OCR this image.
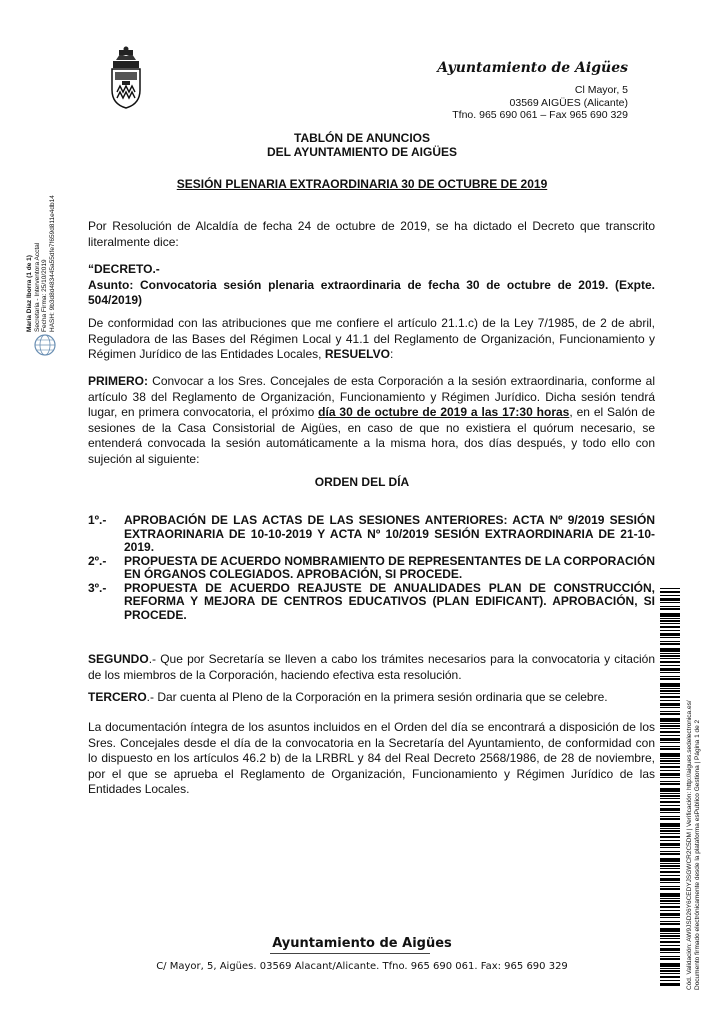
Ayuntamiento de Aigües
Cl Mayor, 5
03569 AIGÜES (Alicante)
Tfno. 965 690 061 – Fax 965 690 329
María Díaz Iborra (1 de 1) Secretaria - Interventora Acctal Fecha Firma: 25/10/2019 HASH: 9b3d8d483445a55dfe7f659d811e4db14
TABLÓN DE ANUNCIOS
DEL AYUNTAMIENTO DE AIGÜES
SESIÓN PLENARIA EXTRAORDINARIA 30 DE OCTUBRE DE 2019

Por Resolución de Alcaldía de fecha 24 de octubre de 2019, se ha dictado el Decreto que transcrito literalmente dice:

“DECRETO.-

Asunto: Convocatoria sesión plenaria extraordinaria de fecha 30 de octubre de 2019. (Expte. 504/2019)

De conformidad con las atribuciones que me confiere el artículo 21.1.c) de la Ley 7/1985, de 2 de abril, Reguladora de las Bases del Régimen Local y 41.1 del Reglamento de Organización, Funcionamiento y Régimen Jurídico de las Entidades Locales, RESUELVO:

PRIMERO: Convocar a los Sres. Concejales de esta Corporación a la sesión extraordinaria, conforme al artículo 38 del Reglamento de Organización, Funcionamiento y Régimen Jurídico. Dicha sesión tendrá lugar, en primera convocatoria, el próximo día 30 de octubre de 2019 a las 17:30 horas, en el Salón de sesiones de la Casa Consistorial de Aigües, en caso de que no existiera el quórum necesario, se entenderá convocada la sesión automáticamente a la misma hora, dos días después, y todo ello con sujeción al siguiente:

ORDEN DEL DÍA
1º.-	APROBACIÓN DE LAS ACTAS DE LAS SESIONES ANTERIORES: ACTA Nº 9/2019 SESIÓN EXTRAORINARIA DE 10-10-2019 Y ACTA Nº 10/2019 SESIÓN EXTRAORDINARIA DE 21-10-2019.
2º.-	PROPUESTA DE ACUERDO NOMBRAMIENTO DE REPRESENTANTES DE LA CORPORACIÓN EN ÓRGANOS COLEGIADOS. APROBACIÓN, SI PROCEDE.
3º.-	PROPUESTA DE ACUERDO REAJUSTE DE ANUALIDADES PLAN DE CONSTRUCCIÓN, REFORMA Y MEJORA DE CENTROS EDUCATIVOS (PLAN EDIFICANT). APROBACIÓN, SI PROCEDE.

SEGUNDO.- Que por Secretaría se lleven a cabo los trámites necesarios para la convocatoria y citación de los miembros de la Corporación, haciendo efectiva esta resolución.

TERCERO.- Dar cuenta al Pleno de la Corporación en la primera sesión ordinaria que se celebre.

La documentación íntegra de los asuntos incluidos en el Orden del día se encontrará a disposición de los Sres. Concejales desde el día de la convocatoria en la Secretaría del Ayuntamiento, de conformidad con lo dispuesto en los artículos 46.2 b) de la LRBRL y 84 del Real Decreto 2568/1986, de 28 de noviembre, por el que se aprueba el Reglamento de Organización, Funcionamiento y Régimen Jurídico de las Entidades Locales.	Cód. Validación: AW9JSD26Y6CEDYJSGWCR2C5DM | Verificación: http://aigues.sedelectronica.es/ Documento firmado electrónicamente desde la plataforma esPublico Gestiona | Página 1 de 2
Ayuntamiento de Aigües
C/ Mayor, 5, Aigües. 03569 Alacant/Alicante. Tfno. 965 690 061. Fax: 965 690 329
